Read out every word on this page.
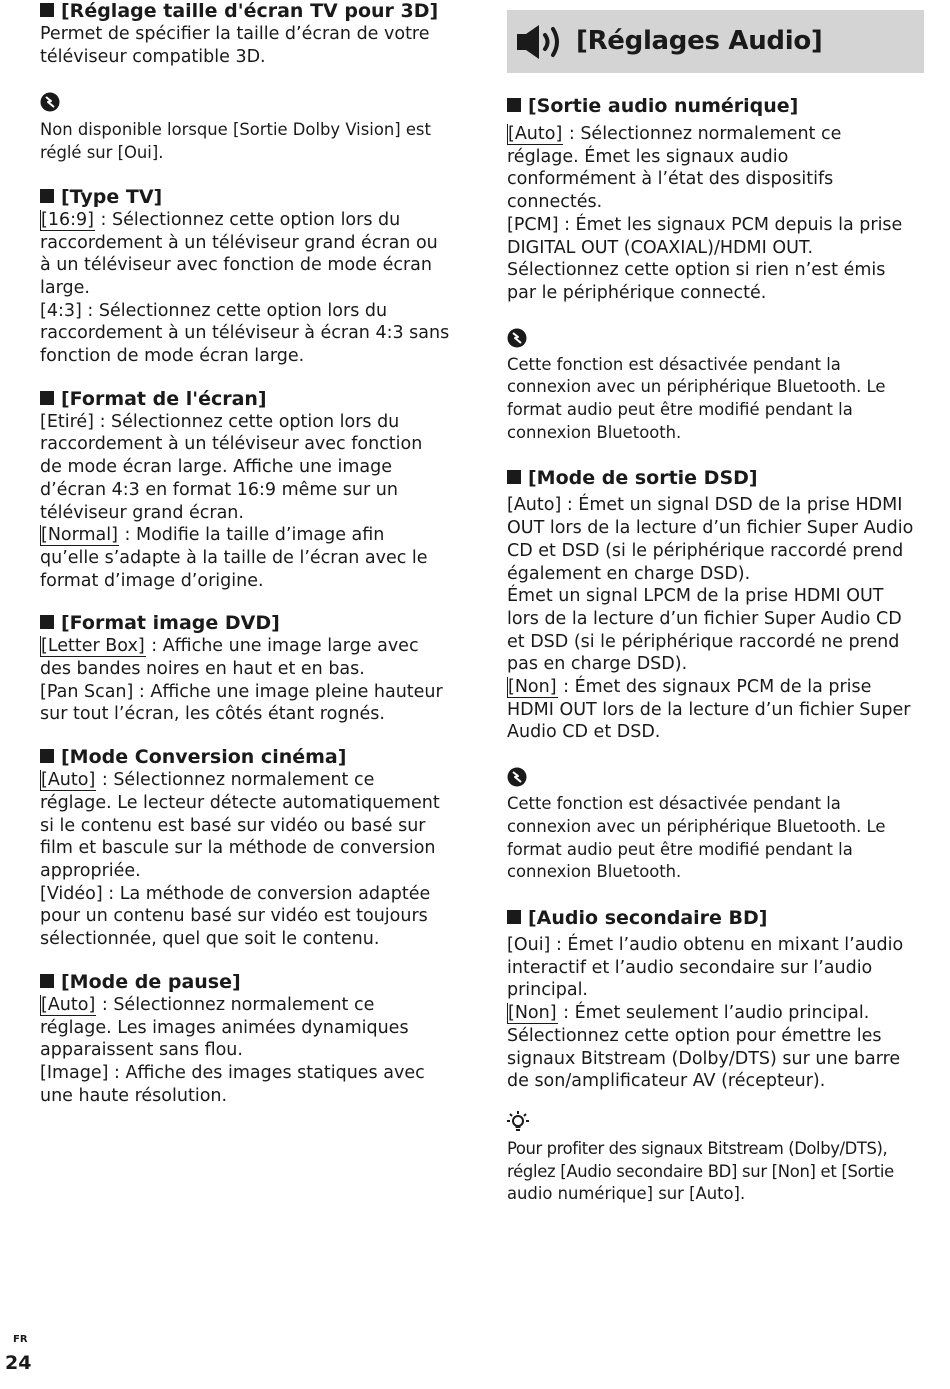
[Réglage taille d'écran TV pour 3D]

Permet de spécifier la taille d’écran de votre

téléviseur compatible 3D.

Non disponible lorsque [Sortie Dolby Vision] est

réglé sur [Oui].

[Type TV]

[16:9] : Sélectionnez cette option lors du

raccordement à un téléviseur grand écran ou

à un téléviseur avec fonction de mode écran

large.

[4:3] : Sélectionnez cette option lors du

raccordement à un téléviseur à écran 4:3 sans

fonction de mode écran large.

[Format de l'écran]

[Etiré] : Sélectionnez cette option lors du

raccordement à un téléviseur avec fonction

de mode écran large. Affiche une image

d’écran 4:3 en format 16:9 même sur un

téléviseur grand écran.

[Normal] : Modifie la taille d’image afin

qu’elle s’adapte à la taille de l’écran avec le

format d’image d’origine.

[Format image DVD]

[Letter Box] : Affiche une image large avec

des bandes noires en haut et en bas.

[Pan Scan] : Affiche une image pleine hauteur

sur tout l’écran, les côtés étant rognés.

[Mode Conversion cinéma]

[Auto] : Sélectionnez normalement ce

réglage. Le lecteur détecte automatiquement

si le contenu est basé sur vidéo ou basé sur

film et bascule sur la méthode de conversion

appropriée.

[Vidéo] : La méthode de conversion adaptée

pour un contenu basé sur vidéo est toujours

sélectionnée, quel que soit le contenu.

[Mode de pause]

[Auto] : Sélectionnez normalement ce

réglage. Les images animées dynamiques

apparaissent sans flou.

[Image] : Affiche des images statiques avec

une haute résolution.

[Réglages Audio]

[Sortie audio numérique]

[Auto] : Sélectionnez normalement ce

réglage. Émet les signaux audio

conformément à l’état des dispositifs

connectés.

[PCM] : Émet les signaux PCM depuis la prise

DIGITAL OUT (COAXIAL)/HDMI OUT.

Sélectionnez cette option si rien n’est émis

par le périphérique connecté.

Cette fonction est désactivée pendant la

connexion avec un périphérique Bluetooth. Le

format audio peut être modifié pendant la

connexion Bluetooth.

[Mode de sortie DSD]

[Auto] : Émet un signal DSD de la prise HDMI

OUT lors de la lecture d’un fichier Super Audio

CD et DSD (si le périphérique raccordé prend

également en charge DSD).

Émet un signal LPCM de la prise HDMI OUT

lors de la lecture d’un fichier Super Audio CD

et DSD (si le périphérique raccordé ne prend

pas en charge DSD).

[Non] : Émet des signaux PCM de la prise

HDMI OUT lors de la lecture d’un fichier Super

Audio CD et DSD.

Cette fonction est désactivée pendant la

connexion avec un périphérique Bluetooth. Le

format audio peut être modifié pendant la

connexion Bluetooth.

[Audio secondaire BD]

[Oui] : Émet l’audio obtenu en mixant l’audio

interactif et l’audio secondaire sur l’audio

principal.

[Non] : Émet seulement l’audio principal.

Sélectionnez cette option pour émettre les

signaux Bitstream (Dolby/DTS) sur une barre

de son/amplificateur AV (récepteur).

Pour profiter des signaux Bitstream (Dolby/DTS),

réglez [Audio secondaire BD] sur [Non] et [Sortie

audio numérique] sur [Auto].

FR
24
